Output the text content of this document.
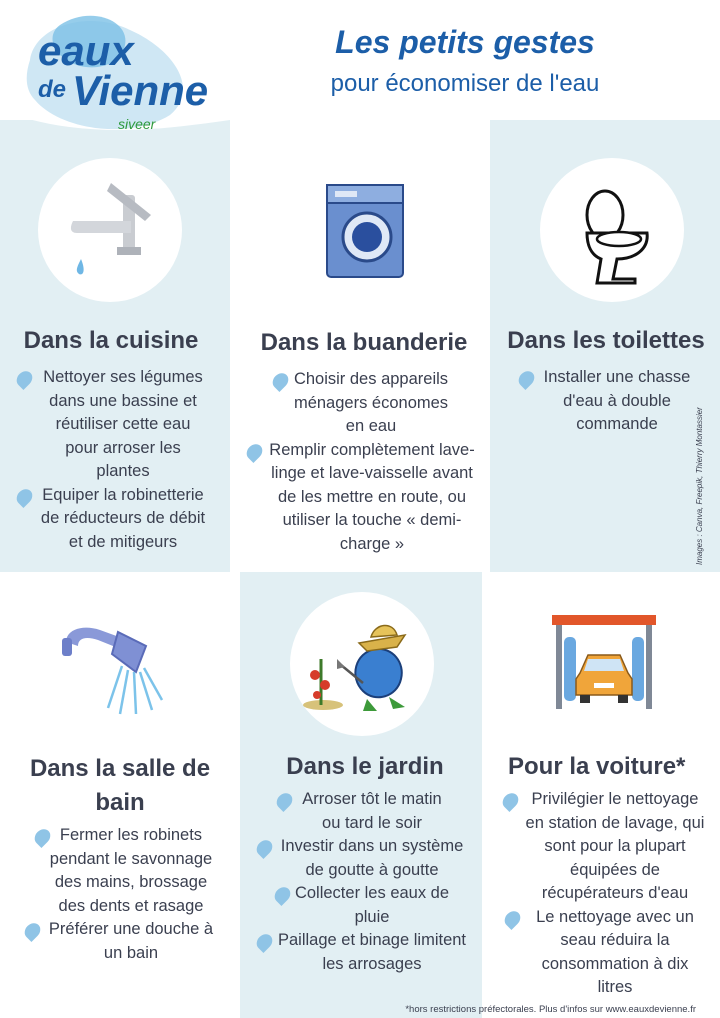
eaux
de Vienne
siveer
Les petits gestes
pour économiser de l'eau
Dans la cuisine
Nettoyer ses légumes
dans une bassine et
réutiliser cette eau
pour arroser les
plantes
Equiper la robinetterie
de réducteurs de débit
et de mitigeurs
Dans la buanderie
Choisir des appareils
ménagers économes
en eau
Remplir complètement lave-
linge et lave-vaisselle avant
de les mettre en route, ou
utiliser la touche « demi-
charge »
Dans les toilettes
Installer une chasse
d'eau à double
commande	Images : Canva, Freepik, Thierry Montassier
Dans la salle de
bain
Fermer les robinets
pendant le savonnage
des mains, brossage
des dents et rasage
Préférer une douche à
un bain
Dans le jardin
Arroser tôt le matin
ou tard le soir
Investir dans un système
de goutte à goutte
Collecter les eaux de
pluie
Paillage et binage limitent
les arrosages
Pour la voiture*
Privilégier le nettoyage
en station de lavage, qui
sont pour la plupart
équipées de
récupérateurs d'eau
Le nettoyage avec un
seau réduira la
consommation à dix
litres
*hors restrictions préfectorales. Plus d'infos sur www.eauxdevienne.fr
